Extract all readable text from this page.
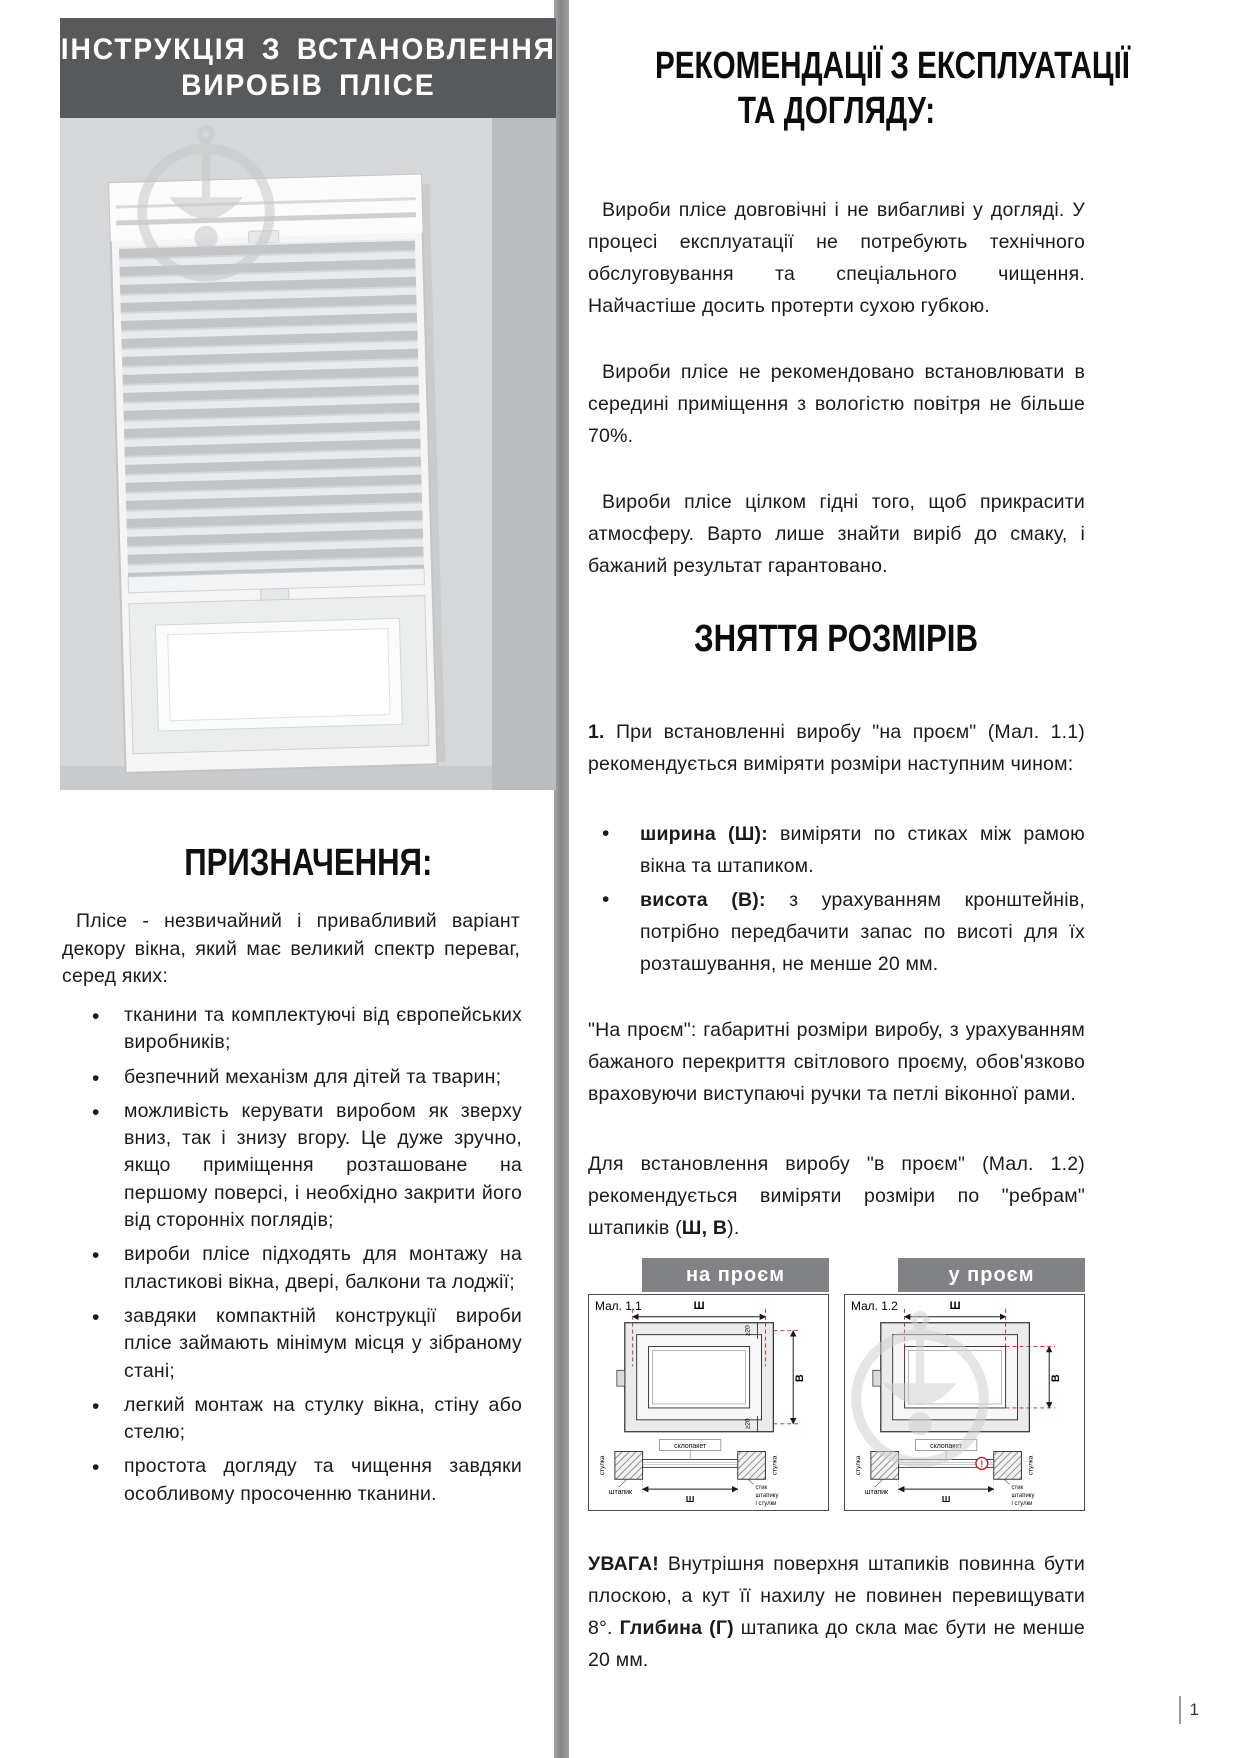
ІНСТРУКЦІЯ З ВСТАНОВЛЕННЯ
ВИРОБІВ ПЛІСЕ
ПРИЗНАЧЕННЯ:

Плісе - незвичайний і привабливий варіант декору вікна, який має великий спектр переваг, серед яких:

• тканини та комплектуючі від європейських виробників;
• безпечний механізм для дітей та тварин;
• можливість керувати виробом як зверху вниз, так і знизу вгору. Це дуже зручно, якщо приміщення розташоване на першому поверсі, і необхідно закрити його від сторонніх поглядів;
• вироби плісе підходять для монтажу на пластикові вікна, двері, балкони та лоджії;
• завдяки компактній конструкції вироби плісе займають мінімум місця у зібраному стані;
• легкий монтаж на стулку вікна, стіну або стелю;
• простота догляду та чищення завдяки особливому просоченню тканини.
РЕКОМЕНДАЦІЇ З ЕКСПЛУАТАЦІЇ
ТА ДОГЛЯДУ:

Вироби плісе довговічні і не вибагливі у догляді. У процесі експлуатації не потребують технічного обслуговування та спеціального чищення. Найчастіше досить протерти сухою губкою.

Вироби плісе не рекомендовано встановлювати в середині приміщення з вологістю повітря не більше 70%.

Вироби плісе цілком гідні того, щоб прикрасити атмосферу. Варто лише знайти виріб до смаку, і бажаний результат гарантовано.

ЗНЯТТЯ РОЗМІРІВ

1. При встановленні виробу "на проєм" (Мал. 1.1) рекомендується виміряти розміри наступним чином:

• ширина (Ш): виміряти по стиках між рамою вікна та штапиком.
• висота (В): з урахуванням кронштейнів, потрібно передбачити запас по висоті для їх розташування, не менше 20 мм.

"На проєм": габаритні розміри виробу, з урахуванням бажаного перекриття світлового проєму, обов'язково враховуючи виступаючі ручки та петлі віконної рами.

Для встановлення виробу "в проєм" (Мал. 1.2) рекомендується виміряти розміри по "ребрам" штапиків (Ш, В).

на проєм
Мал. 1.1	Ш
В
≥20
≥20
стулка
склопакет
стулка
штапик
Ш
стик
штапику
і стулки
у проєм
Мал. 1.2	Ш
В
стулка
склопакет
стулка
!
штапик
Ш
стик
штапику
і стулки

УВАГА! Внутрішня поверхня штапиків повинна бути плоскою, а кут її нахилу не повинен перевищувати 8°. Глибина (Г) штапика до скла має бути не менше 20 мм.

1
